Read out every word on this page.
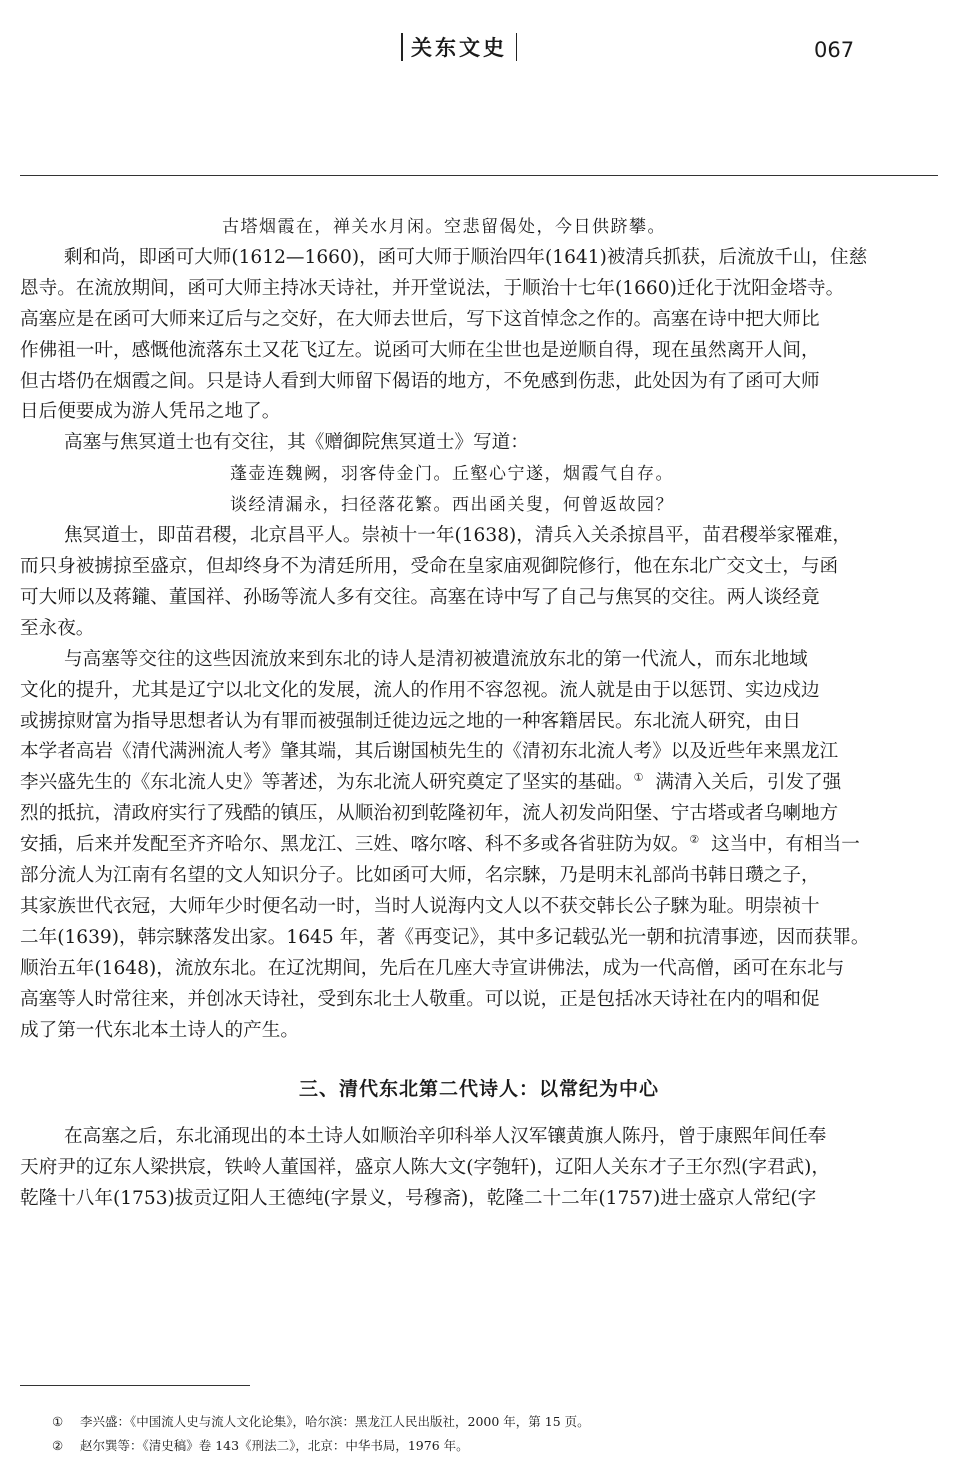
关东文史	067
古塔烟霞在，禅关水月闲。空悲留偈处，今日供跻攀。
剩和尚，即函可大师(1612—1660)，函可大师于顺治四年(1641)被清兵抓获，后流放千山，住慈
恩寺。在流放期间，函可大师主持冰天诗社，并开堂说法，于顺治十七年(1660)迁化于沈阳金塔寺。
高塞应是在函可大师来辽后与之交好，在大师去世后，写下这首悼念之作的。高塞在诗中把大师比
作佛祖一叶，感慨他流落东土又花飞辽左。说函可大师在尘世也是逆顺自得，现在虽然离开人间，
但古塔仍在烟霞之间。只是诗人看到大师留下偈语的地方，不免感到伤悲，此处因为有了函可大师
日后便要成为游人凭吊之地了。
高塞与焦冥道士也有交往，其《赠御院焦冥道士》写道：
蓬壶连魏阙，羽客侍金门。丘壑心宁遂，烟霞气自存。
谈经清漏永，扫径落花繁。西出函关叟，何曾返故园？
焦冥道士，即苗君稷，北京昌平人。崇祯十一年(1638)，清兵入关杀掠昌平，苗君稷举家罹难，
而只身被掳掠至盛京，但却终身不为清廷所用，受命在皇家庙观御院修行，他在东北广交文士，与函
可大师以及蒋鑨、董国祥、孙旸等流人多有交往。高塞在诗中写了自己与焦冥的交往。两人谈经竟
至永夜。
与高塞等交往的这些因流放来到东北的诗人是清初被遣流放东北的第一代流人，而东北地域
文化的提升，尤其是辽宁以北文化的发展，流人的作用不容忽视。流人就是由于以惩罚、实边戍边
或掳掠财富为指导思想者认为有罪而被强制迁徙边远之地的一种客籍居民。东北流人研究，由日
本学者高岩《清代满洲流人考》肇其端，其后谢国桢先生的《清初东北流人考》以及近些年来黑龙江
李兴盛先生的《东北流人史》等著述，为东北流人研究奠定了坚实的基础。① 满清入关后，引发了强
烈的抵抗，清政府实行了残酷的镇压，从顺治初到乾隆初年，流人初发尚阳堡、宁古塔或者乌喇地方
安插，后来并发配至齐齐哈尔、黑龙江、三姓、喀尔喀、科不多或各省驻防为奴。② 这当中，有相当一
部分流人为江南有名望的文人知识分子。比如函可大师，名宗騋，乃是明末礼部尚书韩日瓒之子，
其家族世代衣冠，大师年少时便名动一时，当时人说海内文人以不获交韩长公子騋为耻。明崇祯十
二年(1639)，韩宗騋落发出家。1645 年，著《再变记》，其中多记载弘光一朝和抗清事迹，因而获罪。
顺治五年(1648)，流放东北。在辽沈期间，先后在几座大寺宣讲佛法，成为一代高僧，函可在东北与
高塞等人时常往来，并创冰天诗社，受到东北士人敬重。可以说，正是包括冰天诗社在内的唱和促
成了第一代东北本土诗人的产生。
三、清代东北第二代诗人：以常纪为中心
在高塞之后，东北涌现出的本土诗人如顺治辛卯科举人汉军镶黄旗人陈丹，曾于康熙年间任奉
天府尹的辽东人梁拱宸，铁岭人董国祥，盛京人陈大文(字匏轩)，辽阳人关东才子王尔烈(字君武)，
乾隆十八年(1753)拔贡辽阳人王德纯(字景义，号穆斋)，乾隆二十二年(1757)进士盛京人常纪(字
① 李兴盛：《中国流人史与流人文化论集》，哈尔滨：黑龙江人民出版社，2000 年，第 15 页。
② 赵尔巽等：《清史稿》卷 143《刑法二》，北京：中华书局，1976 年。
